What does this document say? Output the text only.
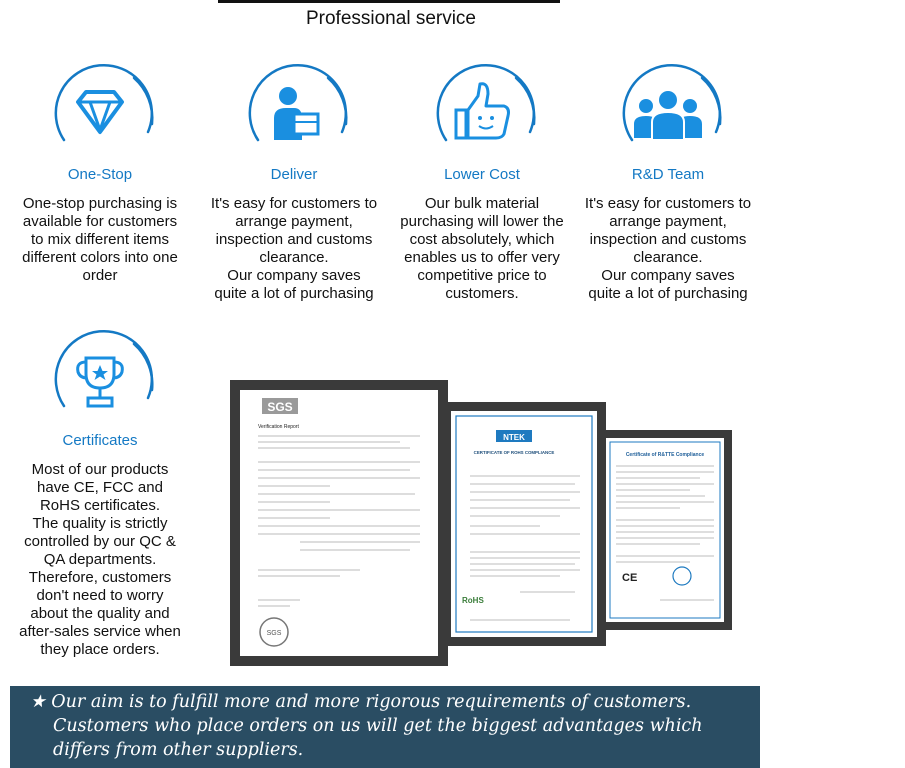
Professional service
One-Stop
One-stop purchasing is
available for customers
to mix different items
different colors into one
order
Deliver
It's easy for customers to
arrange payment,
inspection and customs
clearance.
Our company saves
quite a lot of purchasing
Lower Cost
Our bulk material
purchasing will lower the
cost absolutely, which
enables us to offer very
competitive price to
customers.
R&D Team
It's easy for customers to
arrange payment,
inspection and customs
clearance.
Our company saves
quite a lot of purchasing
Certificates
Most of our products
have CE, FCC and
RoHS certificates.
The quality is strictly
controlled by our QC &
QA departments.
Therefore, customers
don't need to worry
about the quality and
after-sales service when
they place orders.
SGS
Verification Report
SGS
NTEK
CERTIFICATE OF ROHS COMPLIANCE
RoHS
Certificate of R&TTE Compliance
CE
★ Our aim is to fulfill more and more rigorous requirements of customers.
Customers who place orders on us will get the biggest advantages which
differs from other suppliers.
